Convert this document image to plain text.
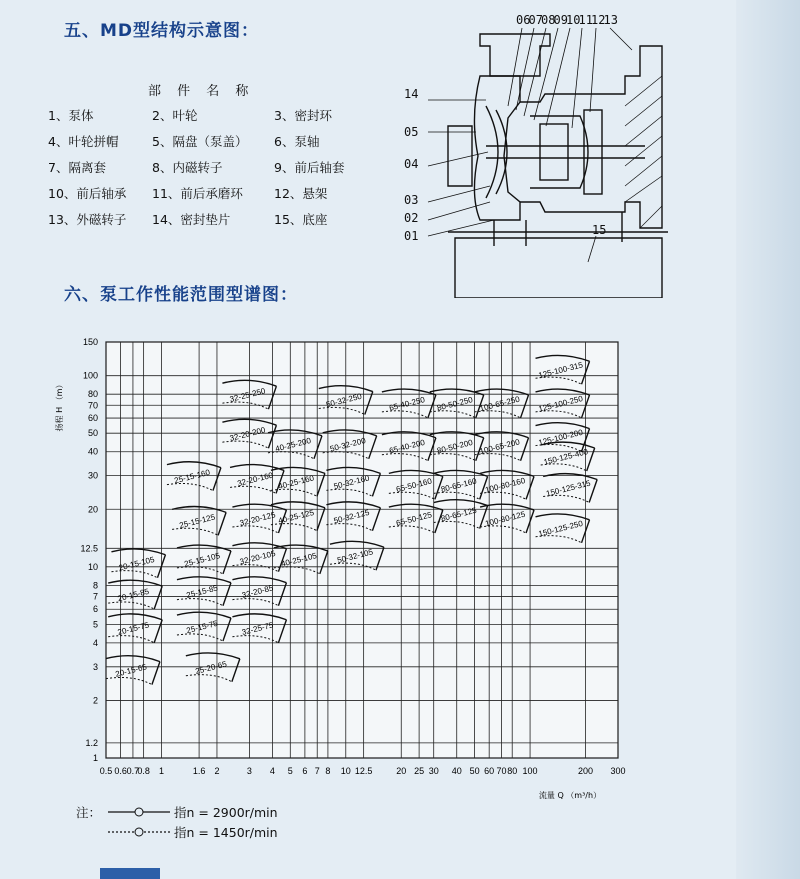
五、MD型结构示意图：
部 件 名 称
1、泵体	2、叶轮	3、密封环
4、叶轮拼帽	5、隔盘（泵盖） 6、泵轴
7、隔离套	8、内磁转子	9、前后轴套
10、前后轴承 11、前后承磨环 12、悬架
13、外磁转子 14、密封垫片	15、底座
06
07
08
09
10
11
12
13
14
05
04
03
02
01	15
六、泵工作性能范围型谱图：
0.5 0.6 0.7
0.8 1	1.6 2	3 4 5 6 7 8 10 12.5	20 25 30 40 50 60 70 80 100	200 300
1
1.2
2
3
4
5
6
7
8
10
12.5
20
30
40
50
60
70
80
100
150
扬程 H （m）
流量 Q （m³/h）
20-15-105
20-15-85
20-15-75
20-15-65
25-15-160
25-15-125
25-15-105
25-15-85
25-15-75
25-20-65
32-25-250
32-20-200
32-20-160
32-20-125
32-20-105
32-20-85
32-25-75
40-25-200
40-25-160
40-25-125
40-25-105
50-32-250
50-32-200
50-32-160
50-32-125
50-32-105
65-40-250
65-40-200
65-50-160
65-50-125
80-50-250
80-50-200
80-65-160
80-65-125
100-65-250
100-65-200
100-80-160
100-80-125
125-100-315
125-100-250
125-100-200
150-125-400
150-125-315
150-125-250
注：	指n = 2900r/min
指n = 1450r/min
